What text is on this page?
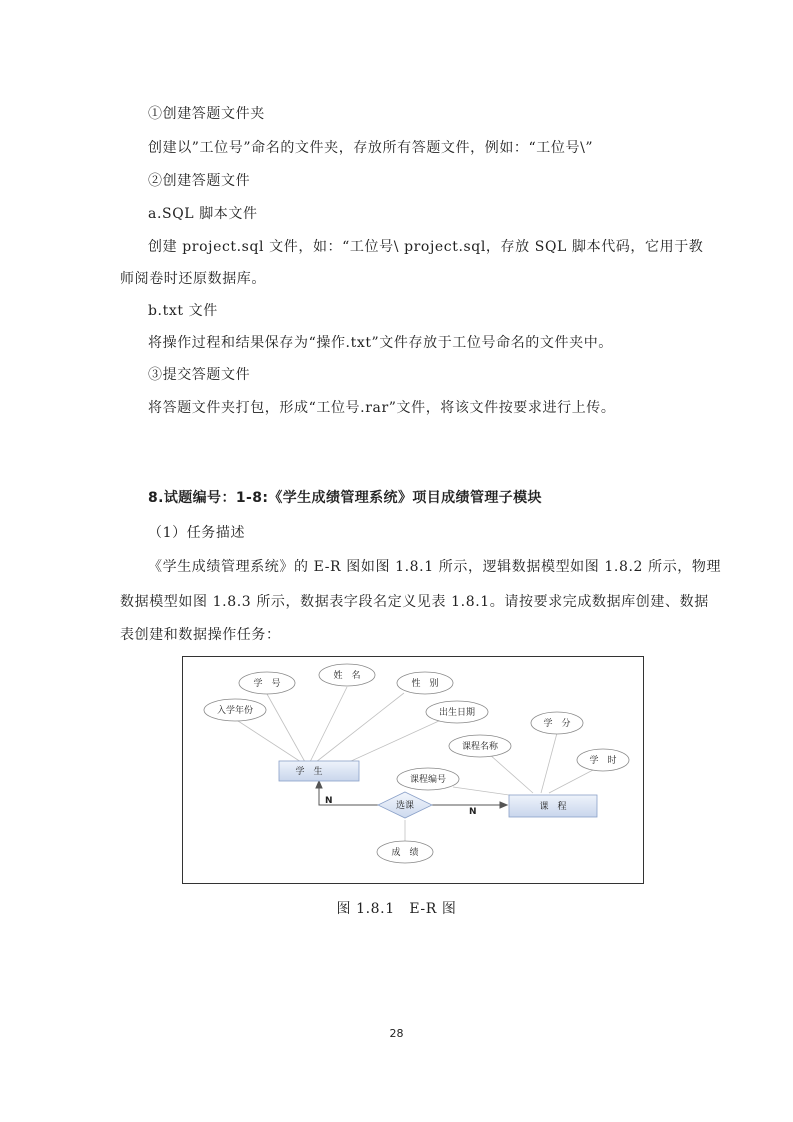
①创建答题文件夹
创建以”工位号”命名的文件夹，存放所有答题文件，例如：“工位号\”
②创建答题文件
a.SQL 脚本文件
创建 project.sql 文件，如：“工位号\ project.sql，存放 SQL 脚本代码，它用于教
师阅卷时还原数据库。
b.txt 文件
将操作过程和结果保存为“操作.txt”文件存放于工位号命名的文件夹中。
③提交答题文件
将答题文件夹打包，形成“工位号.rar”文件，将该文件按要求进行上传。
8.试题编号：1-8:《学生成绩管理系统》项目成绩管理子模块
（1）任务描述
《学生成绩管理系统》的 E-R 图如图 1.8.1 所示，逻辑数据模型如图 1.8.2 所示，物理
数据模型如图 1.8.3 所示，数据表字段名定义见表 1.8.1。请按要求完成数据库创建、数据
表创建和数据操作任务：
学　号
姓　名
性　别
入学年份	出生日期
学　分
课程名称
学　时
课程编号
学　生
课　程
选课
成　绩
N
N
图 1.8.1　E-R 图
28
